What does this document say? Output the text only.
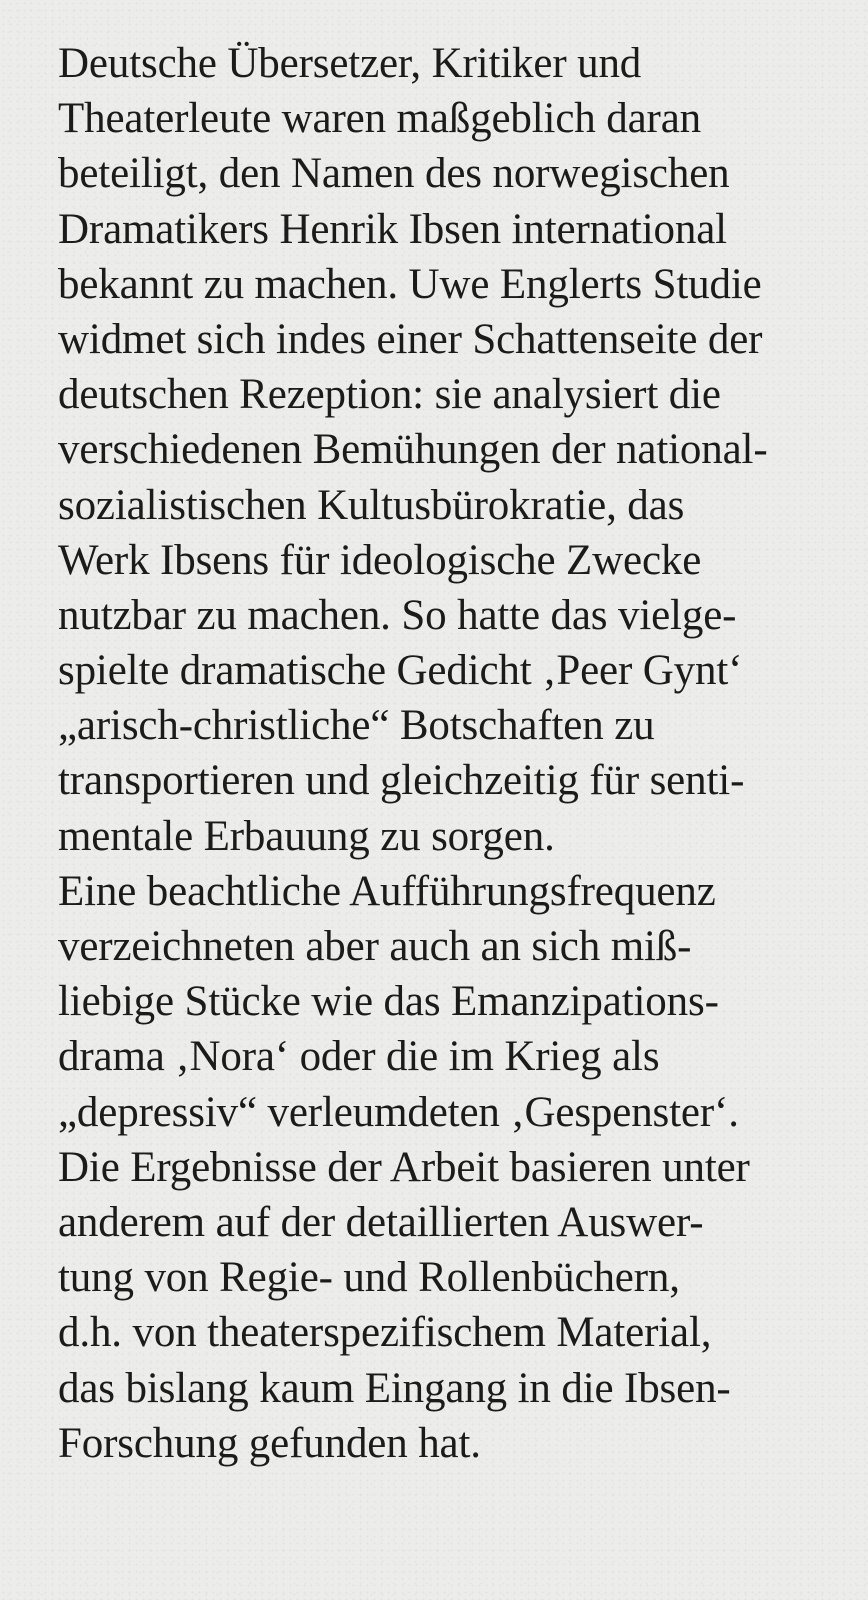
Deutsche Übersetzer, Kritiker und
Theaterleute waren maßgeblich daran
beteiligt, den Namen des norwegischen
Dramatikers Henrik Ibsen international
bekannt zu machen. Uwe Englerts Studie
widmet sich indes einer Schattenseite der
deutschen Rezeption: sie analysiert die
verschiedenen Bemühungen der national-
sozialistischen Kultusbürokratie, das
Werk Ibsens für ideologische Zwecke
nutzbar zu machen. So hatte das vielge-
spielte dramatische Gedicht ‚Peer Gynt‘
„arisch-christliche“ Botschaften zu
transportieren und gleichzeitig für senti-
mentale Erbauung zu sorgen.
Eine beachtliche Aufführungsfrequenz
verzeichneten aber auch an sich miß-
liebige Stücke wie das Emanzipations-
drama ‚Nora‘ oder die im Krieg als
„depressiv“ verleumdeten ‚Gespenster‘.
Die Ergebnisse der Arbeit basieren unter
anderem auf der detaillierten Auswer-
tung von Regie- und Rollenbüchern,
d.h. von theaterspezifischem Material,
das bislang kaum Eingang in die Ibsen-
Forschung gefunden hat.
